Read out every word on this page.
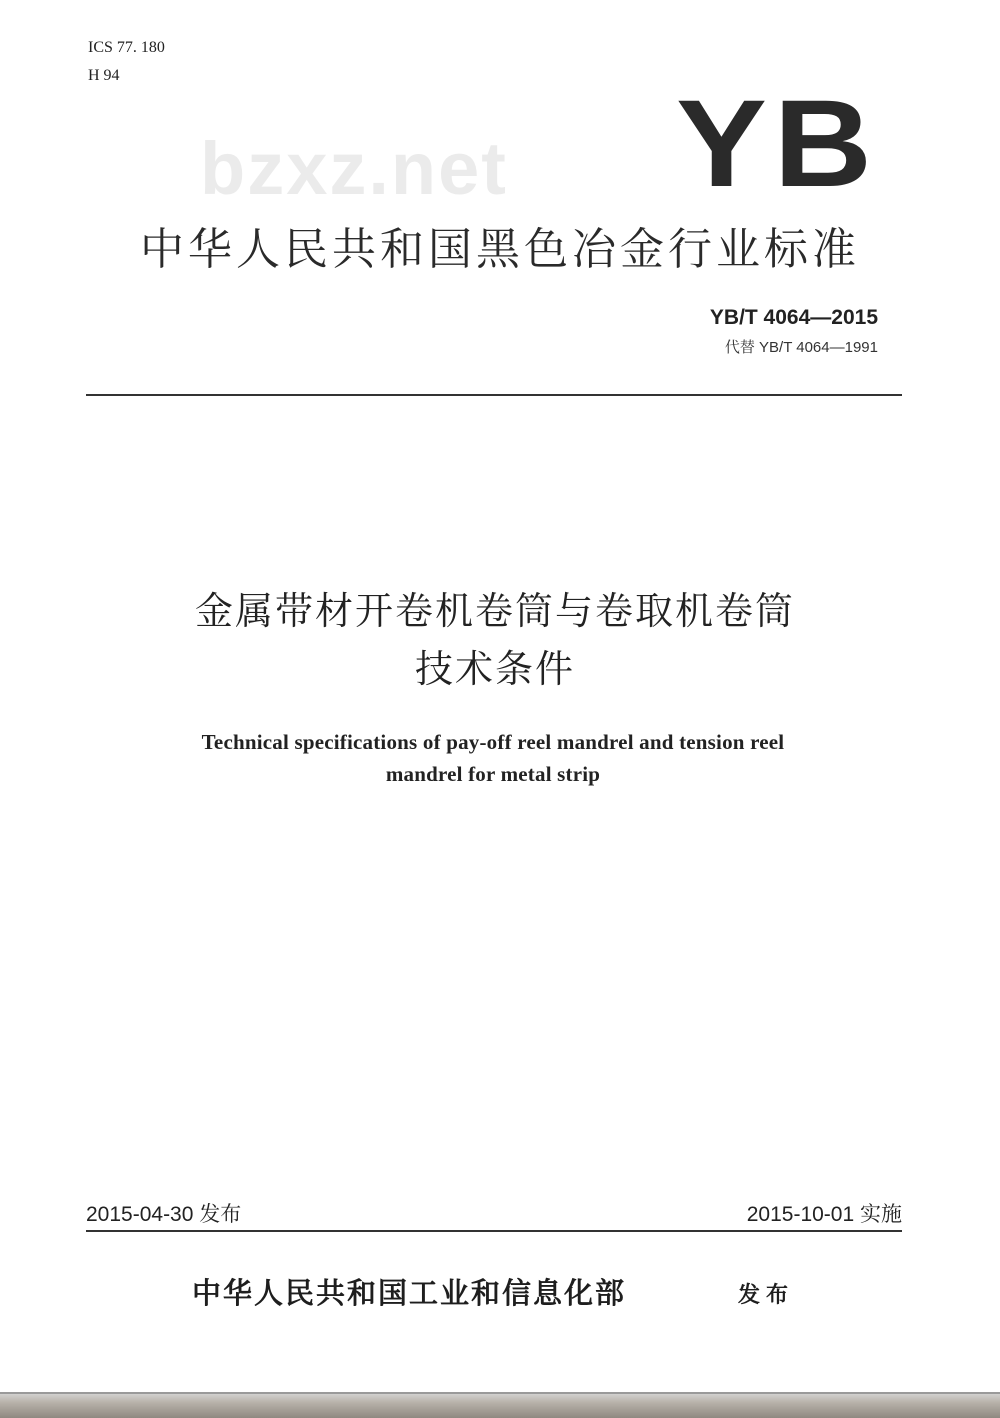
ICS 77. 180
H 94
bzxz.net YB
中华人民共和国黑色冶金行业标准
YB/T 4064—2015
代替 YB/T 4064—1991
金属带材开卷机卷筒与卷取机卷筒
技术条件
Technical specifications of pay-off reel mandrel and tension reel
mandrel for metal strip
2015-04-30 发布	2015-10-01 实施
中华人民共和国工业和信息化部	发布
